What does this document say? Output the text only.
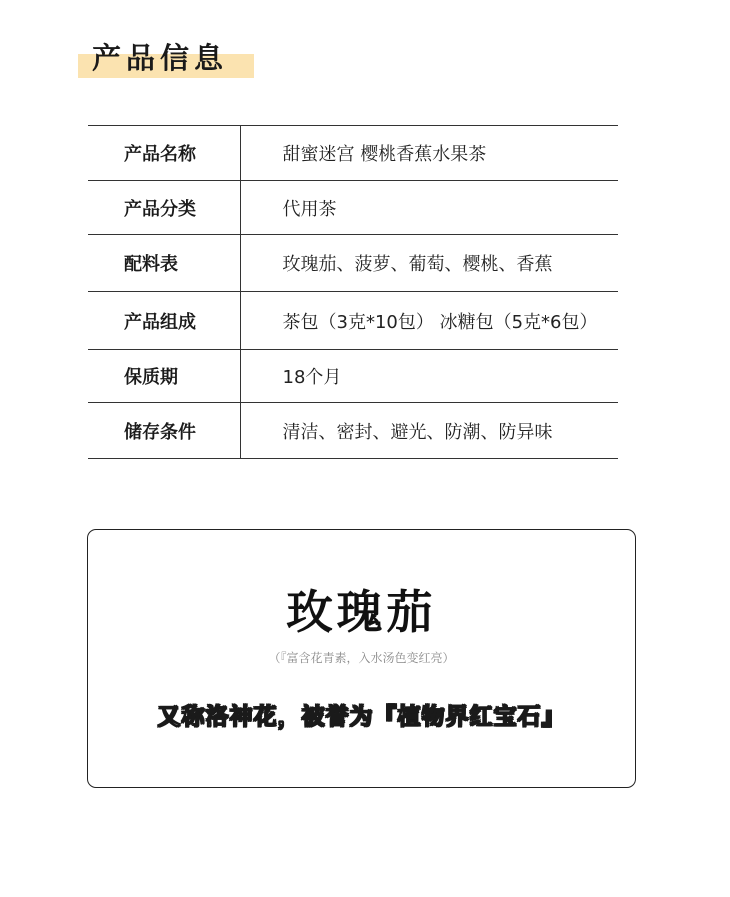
产品信息
产品名称	甜蜜迷宫 樱桃香蕉水果茶
产品分类	代用茶
配料表	玫瑰茄、菠萝、葡萄、樱桃、香蕉
产品组成	茶包（3克*10包） 冰糖包（5克*6包）
保质期	18个月
储存条件	清洁、密封、避光、防潮、防异味
玫瑰茄
（『富含花青素，入水汤色变红亮）
又称洛神花，被誉为『植物界红宝石』
